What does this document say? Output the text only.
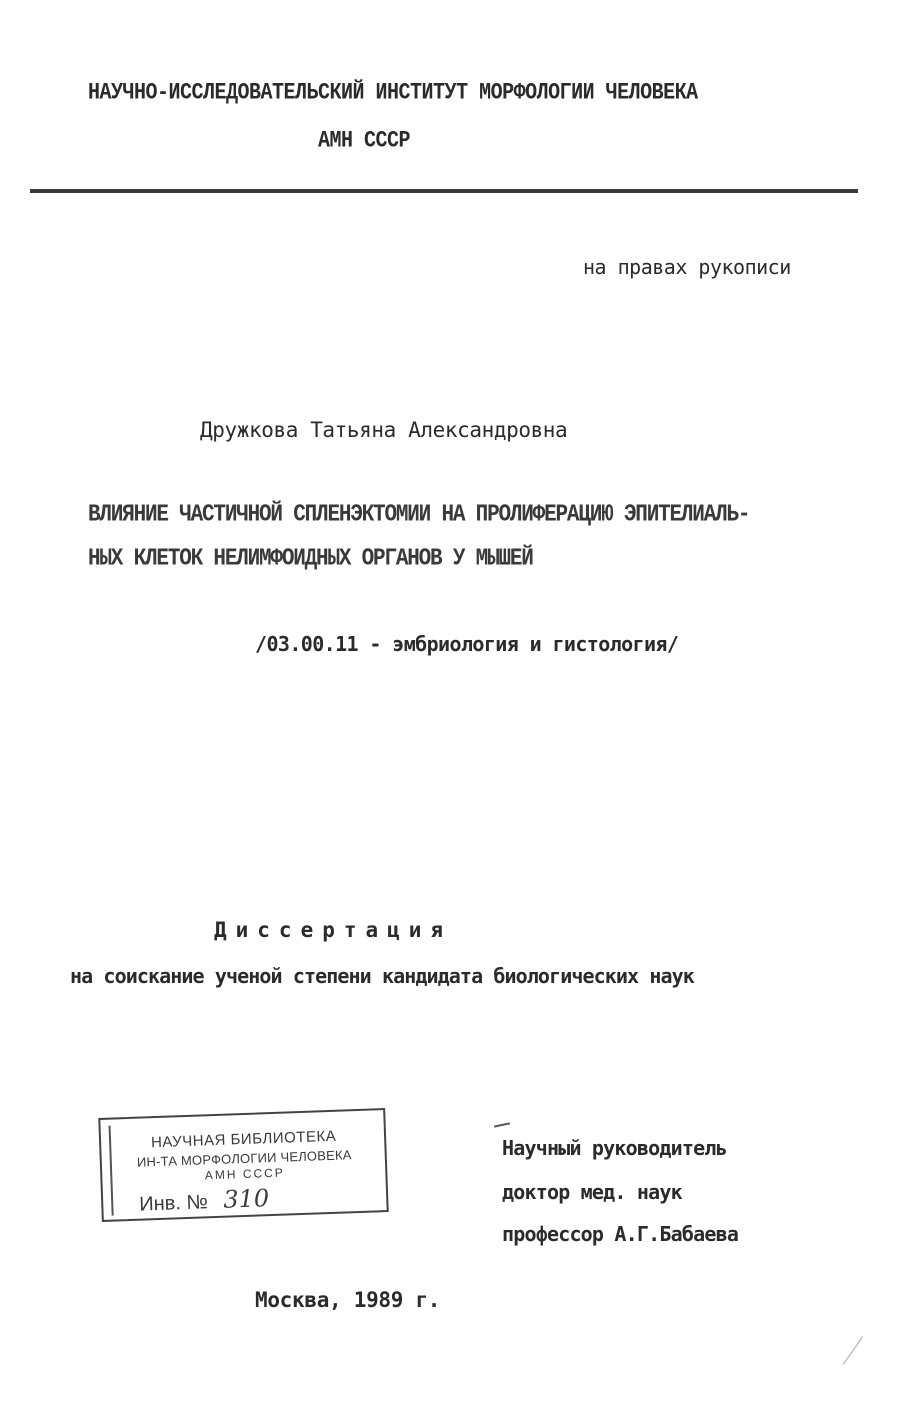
НАУЧНО-ИССЛЕДОВАТЕЛЬСКИЙ ИНСТИТУТ МОРФОЛОГИИ ЧЕЛОВЕКА
АМН СССР
на правах рукописи
Дружкова Татьяна Александровна
ВЛИЯНИЕ ЧАСТИЧНОЙ СПЛЕНЭКТОМИИ НА ПРОЛИФЕРАЦИЮ ЭПИТЕЛИАЛЬ-
НЫХ КЛЕТОК НЕЛИМФОИДНЫХ ОРГАНОВ У МЫШЕЙ
/03.00.11 - эмбриология и гистология/
Диссертация
на соискание ученой степени кандидата биологических наук
НАУЧНАЯ БИБЛИОТЕКА
ИН-ТА МОРФОЛОГИИ ЧЕЛОВЕКА
АМН СССР
Инв. № 310
Научный руководитель
доктор мед. наук
профессор А.Г.Бабаева
Москва, 1989 г.
